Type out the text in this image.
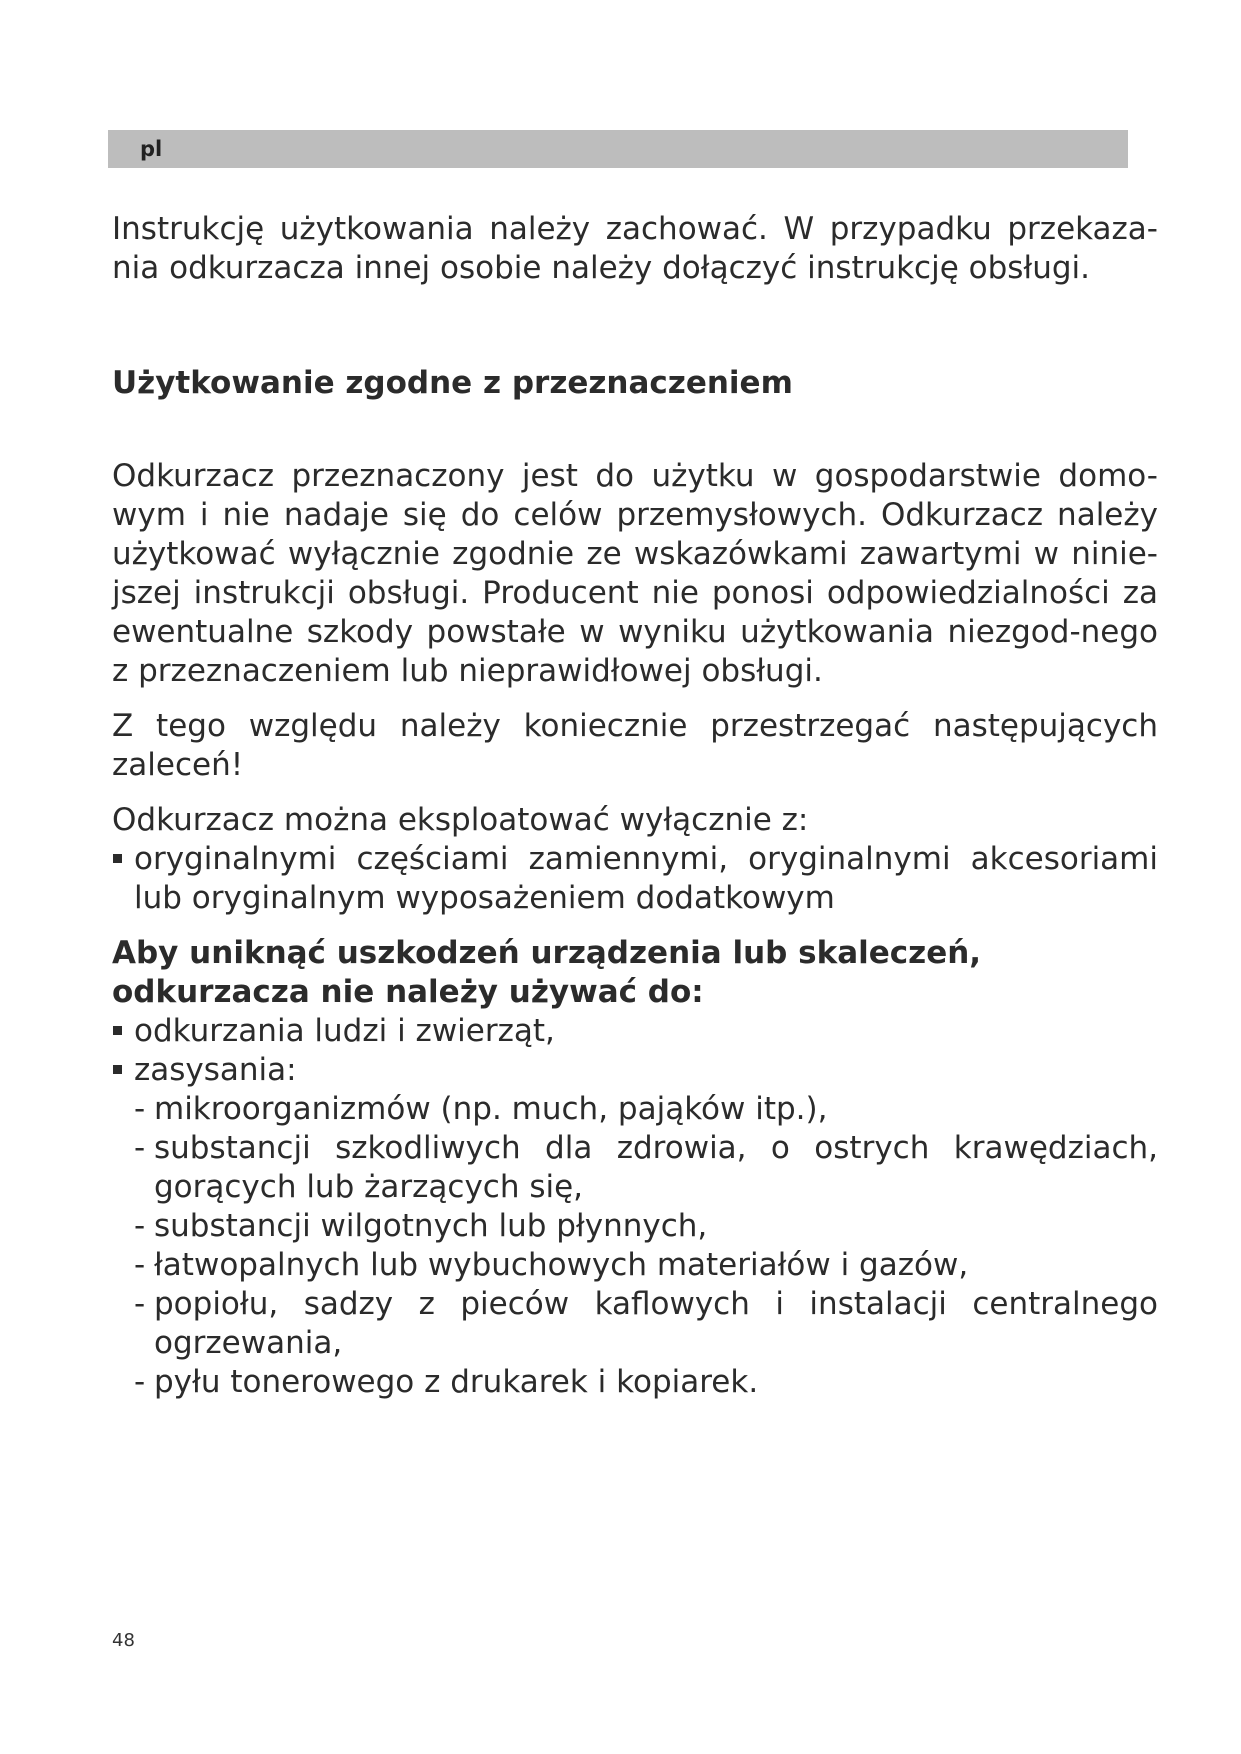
pl

Instrukcję użytkowania należy zachować. W przypadku przekaza-nia odkurzacza innej osobie należy dołączyć instrukcję obsługi.

Użytkowanie zgodne z przeznaczeniem

Odkurzacz przeznaczony jest do użytku w gospodarstwie domo-wym i nie nadaje się do celów przemysłowych. Odkurzacz należy użytkować wyłącznie zgodnie ze wskazówkami zawartymi w ninie-jszej instrukcji obsługi. Producent nie ponosi odpowiedzialności za ewentualne szkody powstałe w wyniku użytkowania niezgod-nego z przeznaczeniem lub nieprawidłowej obsługi.

Z tego względu należy koniecznie przestrzegać następujących zaleceń!

Odkurzacz można eksploatować wyłącznie z:

oryginalnymi częściami zamiennymi, oryginalnymi akcesoriami lub oryginalnym wyposażeniem dodatkowym

Aby uniknąć uszkodzeń urządzenia lub skaleczeń, odkurzacza nie należy używać do:

odkurzania ludzi i zwierząt,
zasysania:
- mikroorganizmów (np. much, pająków itp.),
- substancji szkodliwych dla zdrowia, o ostrych krawędziach, gorących lub żarzących się,
- substancji wilgotnych lub płynnych,
- łatwopalnych lub wybuchowych materiałów i gazów,
- popiołu, sadzy z pieców kaflowych i instalacji centralnego ogrzewania,
- pyłu tonerowego z drukarek i kopiarek.
48
